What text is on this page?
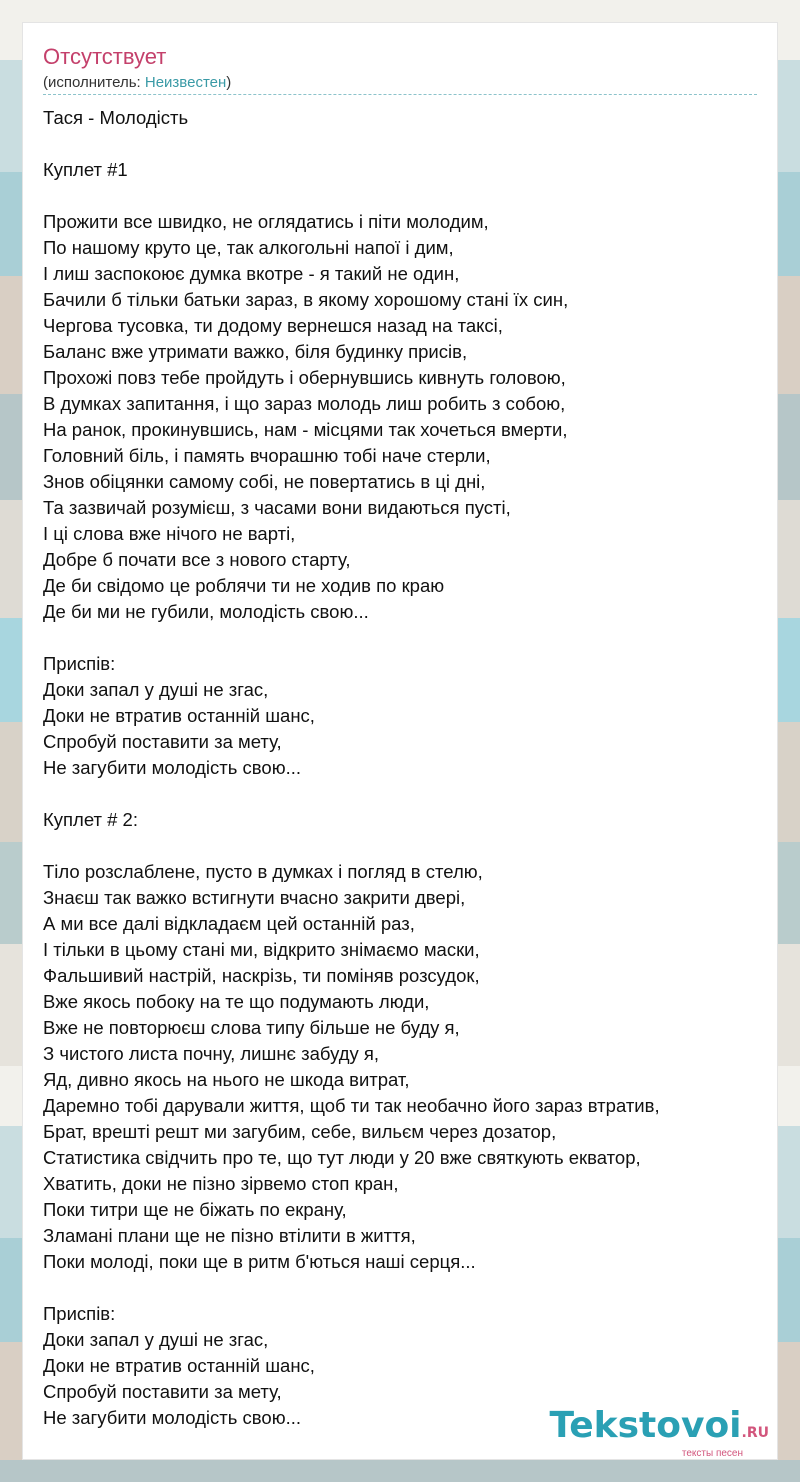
Отсутствует
(исполнитель: Неизвестен)
Тася - Молодість
Куплет #1
Прожити все швидко, не оглядатись і піти молодим,
По нашому круто це, так алкогольні напої і дим,
І лиш заспокоює думка вкотре - я такий не один,
Бачили б тільки батьки зараз, в якому хорошому стані їх син,
Чергова тусовка, ти додому вернешся назад на таксі,
Баланс вже утримати важко, біля будинку присів,
Прохожі повз тебе пройдуть і обернувшись кивнуть головою,
В думках запитання, і що зараз молодь лиш робить з собою,
На ранок, прокинувшись, нам - місцями так хочеться вмерти,
Головний біль, і память вчорашню тобі наче стерли,
Знов обіцянки самому собі, не повертатись в ці дні,
Та зазвичай розумієш, з часами вони видаються пусті,
І ці слова вже нічого не варті,
Добре б почати все з нового старту,
Де би свідомо це роблячи ти не ходив по краю
Де би ми не губили, молодість свою...
Приспів:
Доки запал у душі не згас,
Доки не втратив останній шанс,
Спробуй поставити за мету,
Не загубити молодість свою...
Куплет # 2:
Тіло розслаблене, пусто в думках і погляд в стелю,
Знаєш так важко встигнути вчасно закрити двері,
А ми все далі відкладаєм цей останній раз,
І тільки в цьому стані ми, відкрито знімаємо маски,
Фальшивий настрій, наскрізь, ти поміняв розсудок,
Вже якось побоку на те що подумають люди,
Вже не повторюєш слова типу більше не буду я,
З чистого листа почну, лишнє забуду я,
Яд, дивно якось на нього не шкода витрат,
Даремно тобі дарували життя, щоб ти так необачно його зараз втратив,
Брат, врешті решт ми загубим, себе, вильєм через дозатор,
Статистика свідчить про те, що тут люди у 20 вже святкують екватор,
Хватить, доки не пізно зірвемо стоп кран,
Поки титри ще не біжать по екрану,
Зламані плани ще не пізно втілити в життя,
Поки молоді, поки ще в ритм б'ються наші серця...
Приспів:
Доки запал у душі не згас,
Доки не втратив останній шанс,
Спробуй поставити за мету,
Не загубити молодість свою...	Tekstovoi.RU
тексты песен
